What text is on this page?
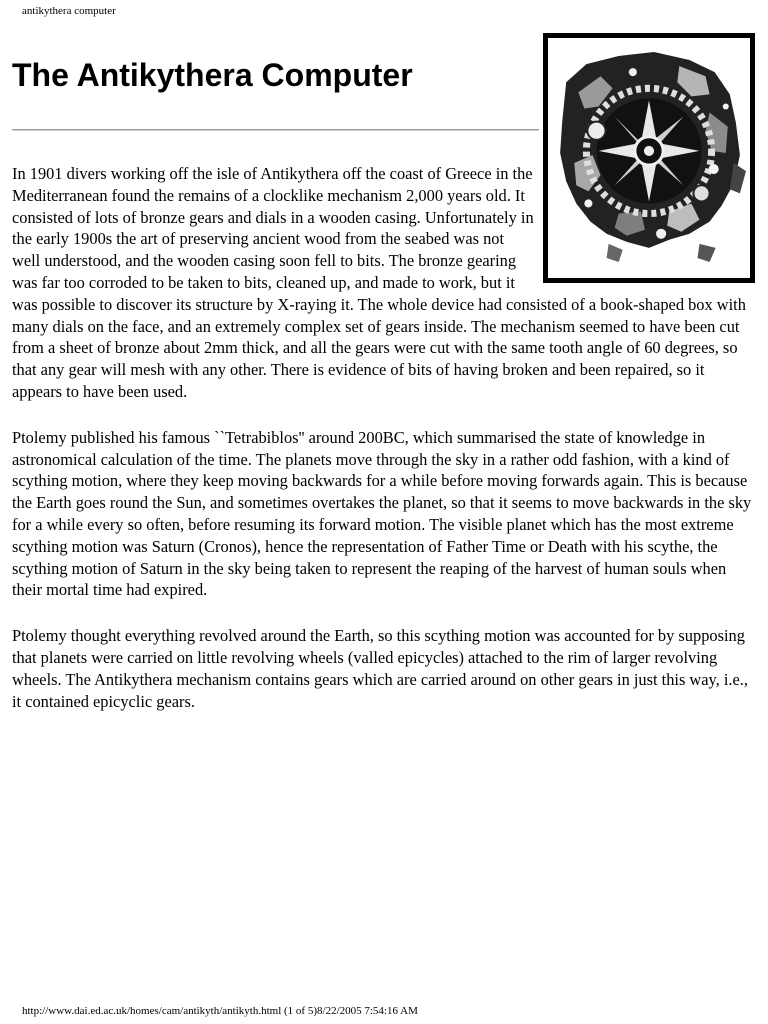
antikythera computer
The Antikythera Computer

In 1901 divers working off the isle of Antikythera off the coast of Greece in the Mediterranean found the remains of a clocklike mechanism 2,000 years old. It consisted of lots of bronze gears and dials in a wooden casing. Unfortunately in the early 1900s the art of preserving ancient wood from the seabed was not well understood, and the wooden casing soon fell to bits. The bronze gearing was far too corroded to be taken to bits, cleaned up, and made to work, but it was possible to discover its structure by X-raying it. The whole device had consisted of a book-shaped box with many dials on the face, and an extremely complex set of gears inside. The mechanism seemed to have been cut from a sheet of bronze about 2mm thick, and all the gears were cut with the same tooth angle of 60 degrees, so that any gear will mesh with any other. There is evidence of bits of having broken and been repaired, so it appears to have been used.

Ptolemy published his famous ``Tetrabiblos'' around 200BC, which summarised the state of knowledge in astronomical calculation of the time. The planets move through the sky in a rather odd fashion, with a kind of scything motion, where they keep moving backwards for a while before moving forwards again. This is because the Earth goes round the Sun, and sometimes overtakes the planet, so that it seems to move backwards in the sky for a while every so often, before resuming its forward motion. The visible planet which has the most extreme scything motion was Saturn (Cronos), hence the representation of Father Time or Death with his scythe, the scything motion of Saturn in the sky being taken to represent the reaping of the harvest of human souls when their mortal time had expired.

Ptolemy thought everything revolved around the Earth, so this scything motion was accounted for by supposing that planets were carried on little revolving wheels (valled epicycles) attached to the rim of larger revolving wheels. The Antikythera mechanism contains gears which are carried around on other gears in just this way, i.e., it contained epicyclic gears.

http://www.dai.ed.ac.uk/homes/cam/antikyth/antikyth.html (1 of 5)8/22/2005 7:54:16 AM
